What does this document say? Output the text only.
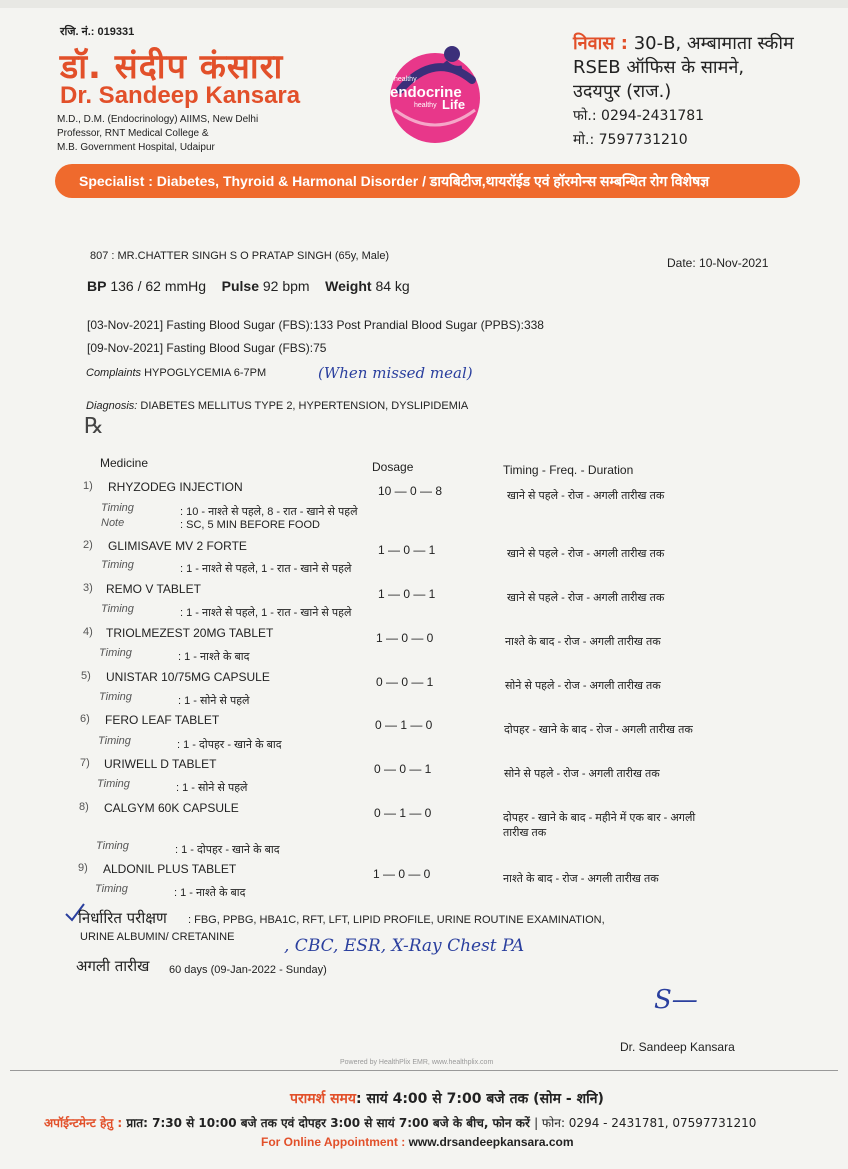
रजि. नं.: 019331
डॉ. संदीप कंसारा
Dr. Sandeep Kansara
M.D., D.M. (Endocrinology) AIIMS, New Delhi
Professor, RNT Medical College &
M.B. Government Hospital, Udaipur
healthy
endocrine
healthy Life
निवास : 30-B, अम्बामाता स्कीम
RSEB ऑफिस के सामने,
उदयपुर (राज.)
फो.: 0294-2431781
मो.: 7597731210
Specialist : Diabetes, Thyroid & Harmonal Disorder / डायबिटीज,थायरॉईड एवं हॉरमोन्स सम्बन्धित रोग विशेषज्ञ
807 : MR.CHATTER SINGH S O PRATAP SINGH (65y, Male)	Date: 10-Nov-2021
BP 136 / 62 mmHg Pulse 92 bpm Weight 84 kg
[03-Nov-2021] Fasting Blood Sugar (FBS):133 Post Prandial Blood Sugar (PPBS):338
[09-Nov-2021] Fasting Blood Sugar (FBS):75
Complaints HYPOGLYCEMIA 6-7PM	(When missed meal)
Diagnosis: DIABETES MELLITUS TYPE 2, HYPERTENSION, DYSLIPIDEMIA
℞
Medicine	Dosage	Timing - Freq. - Duration
1) RHYZODEG INJECTION	10 — 0 — 8	खाने से पहले - रोज - अगली तारीख तक
Timing	: 10 - नाश्ते से पहले, 8 - रात - खाने से पहले
Note	: SC, 5 MIN BEFORE FOOD
2) GLIMISAVE MV 2 FORTE	1 — 0 — 1	खाने से पहले - रोज - अगली तारीख तक
Timing	: 1 - नाश्ते से पहले, 1 - रात - खाने से पहले
3) REMO V TABLET	1 — 0 — 1	खाने से पहले - रोज - अगली तारीख तक
Timing	: 1 - नाश्ते से पहले, 1 - रात - खाने से पहले
4) TRIOLMEZEST 20MG TABLET	1 — 0 — 0	नाश्ते के बाद - रोज - अगली तारीख तक
Timing	: 1 - नाश्ते के बाद
5) UNISTAR 10/75MG CAPSULE	0 — 0 — 1	सोने से पहले - रोज - अगली तारीख तक
Timing	: 1 - सोने से पहले
6) FERO LEAF TABLET	0 — 1 — 0	दोपहर - खाने के बाद - रोज - अगली तारीख तक
Timing	: 1 - दोपहर - खाने के बाद
7) URIWELL D TABLET	0 — 0 — 1	सोने से पहले - रोज - अगली तारीख तक
Timing	: 1 - सोने से पहले
8) CALGYM 60K CAPSULE	0 — 1 — 0	दोपहर - खाने के बाद - महीने में एक बार - अगली
तारीख तक
Timing	: 1 - दोपहर - खाने के बाद
9) ALDONIL PLUS TABLET	1 — 0 — 0	नाश्ते के बाद - रोज - अगली तारीख तक
Timing	: 1 - नाश्ते के बाद
निर्धारित परीक्षण : FBG, PPBG, HBA1C, RFT, LFT, LIPID PROFILE, URINE ROUTINE EXAMINATION,
URINE ALBUMIN/ CRETANINE	, CBC, ESR, X-Ray Chest PA
अगली तारीख 60 days (09-Jan-2022 - Sunday)
S—
Dr. Sandeep Kansara
Powered by HealthPlix EMR, www.healthplix.com
परामर्श समय: सायं 4:00 से 7:00 बजे तक (सोम - शनि)
अपॉईन्टमेन्ट हेतु : प्रात: 7:30 से 10:00 बजे तक एवं दोपहर 3:00 से सायं 7:00 बजे के बीच, फोन करें | फोन: 0294 - 2431781, 07597731210
For Online Appointment : www.drsandeepkansara.com
